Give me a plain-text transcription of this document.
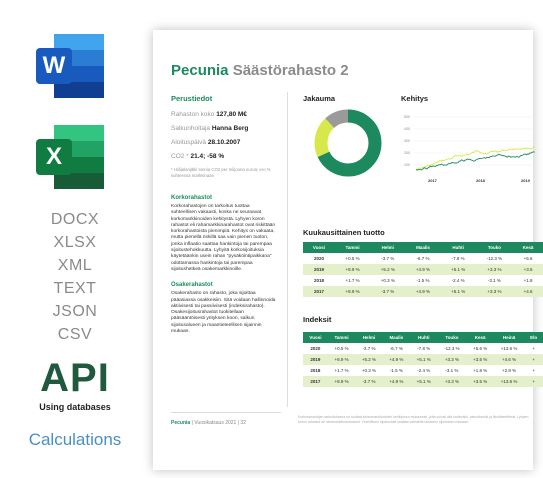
W
X
DOCX
XLSX
XML
TEXT
JSON
CSV
API
Using databases
Calculations
Pecunia Säästörahasto 2
Perustiedot
Rahaston koko 127,80 M€
Salkunhoitaja Hanna Berg
Aloituspäivä 28.10.2007
CO2 * 21.4; -58 %
* Hiilijalanjälki tonnia CO2 per miljoona euroa; ero % suhteessa markkinaan
Korkorahastot
Korkorahastojen on tarkoitus tuottaa suhteellisen vakaasti, koska ne seuraavat korkomarkkinoiden kehitystä. Lyhyen koron rahastot eli rahamarkkinarahastot ovat riskittään korkorahastoista pienimpiä. Kehitys on vakaata, mutta pienellä riskillä saa vain pienen tuoton, jonka inflaatio saattaa hankintoja tai parempaa sijoitustehokkuutta. Lyhyitä korkosijoituksia käytetäänkin usein rahan "pysäköintipaikkana" odottamassa hankintoja tai parempaa sijoitushetkeä osakemarkkinoille.
Osakerahastot
Osakerahasto on rahasto, joka sijoittaa pääasiassa osakkeisiin. Sitä voidaan hallinnoida aktiivisesti tai passiivisesti (indeksirahasto). Osakesijoitusrahastot tuokitellaan pääsääntöisesti yrityksen koon, salkun sijoitusalueen ja maantieteellisen sijainnin mukaan.
Jakauma	Kehitys
500
400
300
200
100
2017	2018	2019
Kuukausittainen tuotto
Vuosi	Tammi	Helmi	Maalis	Huhti	Touko	Kesä
2020	+0.5 %	-3.7 %	-6.7 %	-7.8 %	-12.3 %	+5.6
2019	+8.9 %	+5.2 %	+4.9 %	+5.1 %	+3.3 %	+3.5
2018	+1.7 %	+0.3 %	-1.5 %	-2.4 %	-3.1 %	+1.8
2017	+8.9 %	-3.7 %	+4.9 %	+5.1 %	+3.3 %	+4.6
Indeksit
Vuosi	Tammi	Helmi	Maalis	Huhti	Touko	Kesä	Heinä	Elo
2020	+0.5 %	-3.7 %	-6.7 %	-7.8 %	-12.3 %	+5.6 %	+13.6 %	+
2019	+8.9 %	+5.2 %	+4.9 %	+5.1 %	+3.3 %	+3.5 %	+4.6 %	+
2018	+1.7 %	+0.3 %	-1.5 %	-2.4 %	-3.1 %	+1.8 %	+2.8 %	+
2017	+8.9 %	-3.7 %	+4.9 %	+5.1 %	+3.3 %	+3.5 %	+13.6 %	+
Korkorahastojen tarkoituksena on tuottaa korkomarkkinoiden kehityksen mukaisesti, joita voivat olla luottoriski, valuuttariski ja likviditeettiriski. Lyhyen koron rahastot eli rahamarkkinarahastot. Yksilöllinen sijoitustuki saattaa vaihdella rahaston sijoitusten mukaan.
Pecunia | Vuosikatsaus 2021 | 32
